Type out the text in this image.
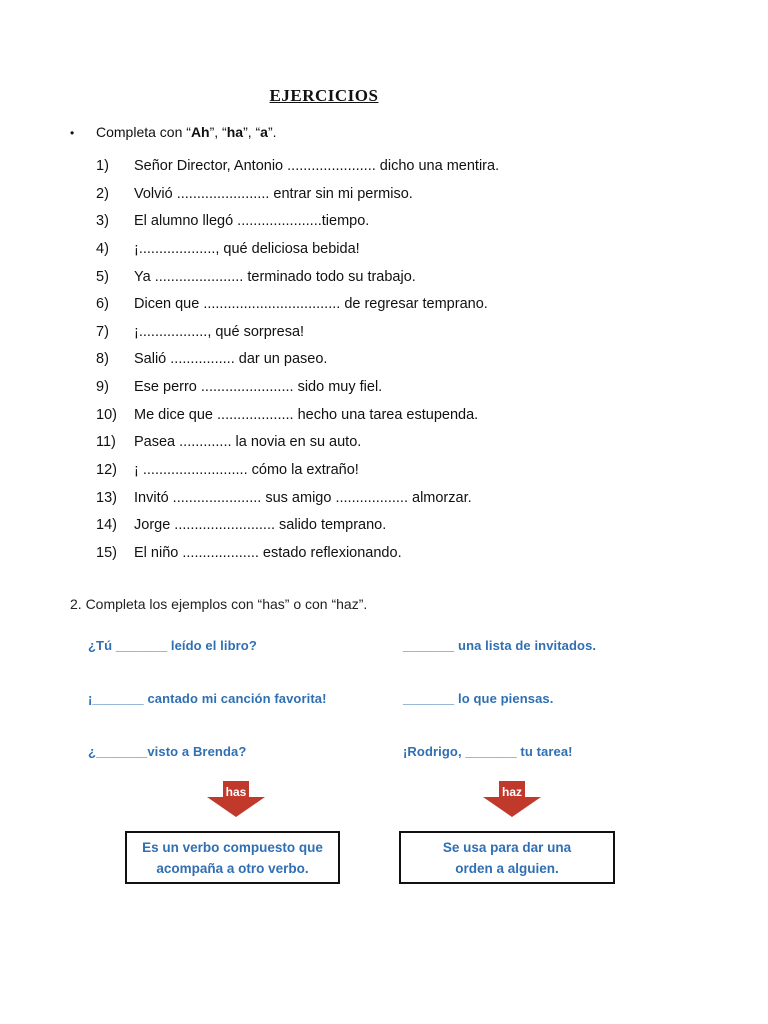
EJERCICIOS
• Completa con “Ah”, “ha”, “a”.
1) Señor Director, Antonio ...................... dicho una mentira.
2) Volvió ....................... entrar sin mi permiso.
3) El alumno llegó .....................tiempo.
4) ¡..................., qué deliciosa bebida!
5) Ya ...................... terminado todo su trabajo.
6) Dicen que .................................. de regresar temprano.
7) ¡................., qué sorpresa!
8) Salió ................ dar un paseo.
9) Ese perro ....................... sido muy fiel.
10) Me dice que ................... hecho una tarea estupenda.
11) Pasea ............. la novia en su auto.
12) ¡ .......................... cómo la extraño!
13) Invitó ...................... sus amigo .................. almorzar.
14) Jorge ......................... salido temprano.
15) El niño ................... estado reflexionando.
2. Completa los ejemplos con “has” o con “haz”.
¿Tú _______ leído el libro?
¡_______ cantado mi canción favorita!
¿_______visto a Brenda?
_______ una lista de invitados.
_______ lo que piensas.
¡Rodrigo, _______ tu tarea!
has	haz
Es un verbo compuesto que
acompaña a otro verbo.
Se usa para dar una
orden a alguien.
